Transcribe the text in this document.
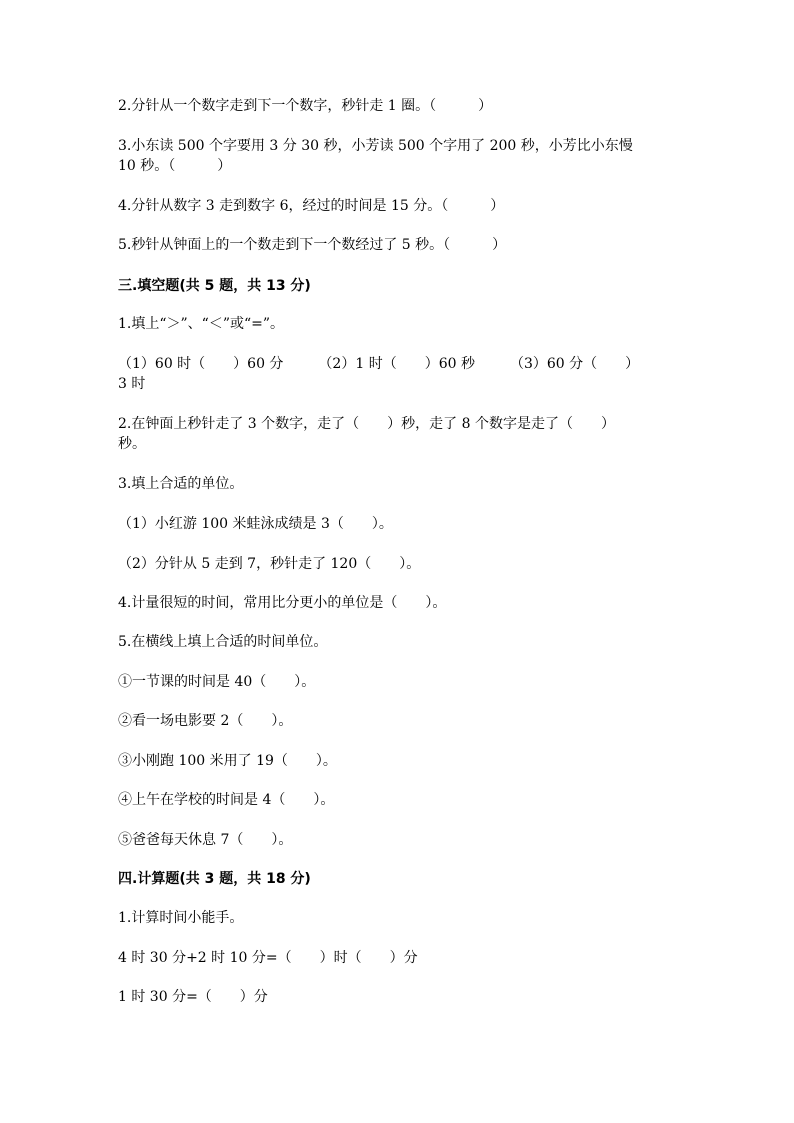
2.分针从一个数字走到下一个数字，秒针走 1 圈。（　　　）
3.小东读 500 个字要用 3 分 30 秒，小芳读 500 个字用了 200 秒，小芳比小东慢
10 秒。（　　　）
4.分针从数字 3 走到数字 6，经过的时间是 15 分。（　　　）
5.秒针从钟面上的一个数走到下一个数经过了 5 秒。（　　　）
三.填空题(共 5 题，共 13 分)
1.填上“＞”、“＜”或“=”。
（1）60 时（　　）60 分　　　（2）1 时（　　）60 秒　　　（3）60 分（　　）
3 时
2.在钟面上秒针走了 3 个数字，走了（　　）秒，走了 8 个数字是走了（　　）
秒。
3.填上合适的单位。
（1）小红游 100 米蛙泳成绩是 3（　　）。
（2）分针从 5 走到 7，秒针走了 120（　　）。
4.计量很短的时间，常用比分更小的单位是（　　）。
5.在横线上填上合适的时间单位。
①一节课的时间是 40（　　）。
②看一场电影要 2（　　）。
③小刚跑 100 米用了 19（　　）。
④上午在学校的时间是 4（　　）。
⑤爸爸每天休息 7（　　）。
四.计算题(共 3 题，共 18 分)
1.计算时间小能手。
4 时 30 分+2 时 10 分=（　　）时（　　）分
1 时 30 分=（　　）分
